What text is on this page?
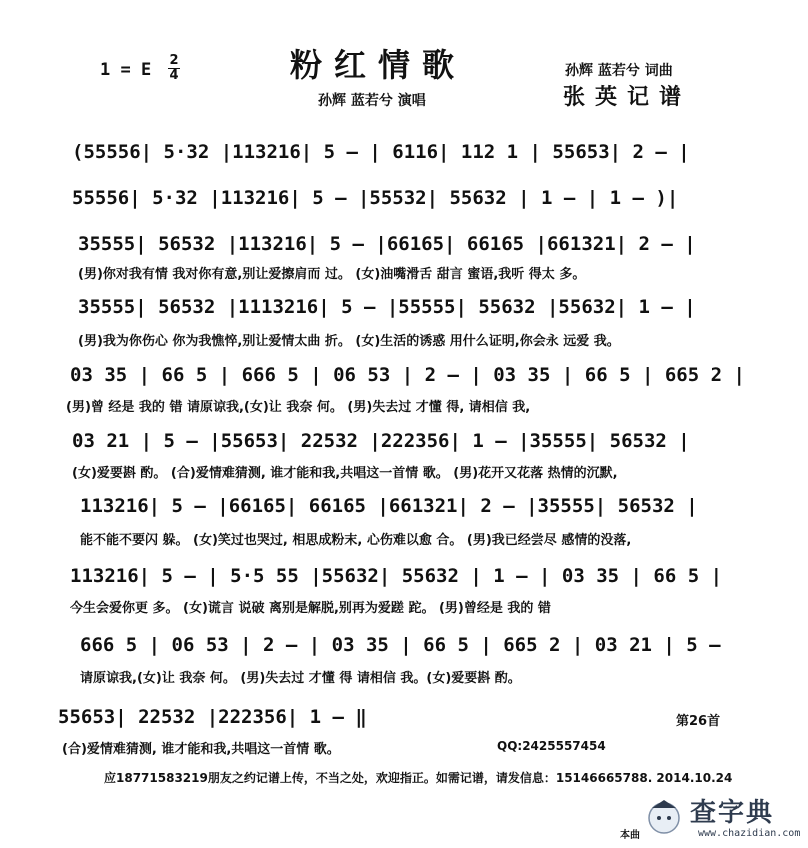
1 = E $\frac{2}{4}$	粉红情歌
孙辉 蓝若兮 演唱
孙辉 蓝若兮 词曲
张英记谱
(55556| 5·32 |113216| 5 – | 6116| 112 1 | 55653| 2 – |
55556| 5·32 |113216| 5 – |55532| 55632 | 1 – | 1 – )|
35555| 56532 |113216| 5 – |66165| 66165 |661321| 2 – |
(男)你对我有情 我对你有意,别让爱擦肩而 过。 (女)油嘴滑舌 甜言 蜜语,我听 得太 多。
35555| 56532 |1113216| 5 – |55555| 55632 |55632| 1 – |
(男)我为你伤心 你为我憔悴,别让爱情太曲 折。 (女)生活的诱惑 用什么证明,你会永 远爱 我。
03 35 | 66 5 | 666 5 | 06 53 | 2 – | 03 35 | 66 5 | 665 2 |
(男)曾 经是 我的 错 请原谅我,(女)让 我奈 何。 (男)失去过 才懂 得, 请相信 我,
03 21 | 5 – |55653| 22532 |222356| 1 – |35555| 56532 |
(女)爱要斟 酌。 (合)爱情难猜测, 谁才能和我,共唱这一首情 歌。 (男)花开又花落 热情的沉默,
113216| 5 – |66165| 66165 |661321| 2 – |35555| 56532 |
能不能不要闪 躲。 (女)笑过也哭过, 相思成粉末, 心伤难以愈 合。 (男)我已经尝尽 感情的没落,
113216| 5 – | 5·5 55 |55632| 55632 | 1 – | 03 35 | 66 5 |
今生会爱你更 多。 (女)谎言 说破 离别是解脱,别再为爱蹉 跎。 (男)曾经是 我的 错
666 5 | 06 53 | 2 – | 03 35 | 66 5 | 665 2 | 03 21 | 5 –
请原谅我,(女)让 我奈 何。 (男)失去过 才懂 得 请相信 我。(女)爱要斟 酌。
55653| 22532 |222356| 1 – ‖
(合)爱情难猜测, 谁才能和我,共唱这一首情 歌。
第26首
QQ:2425557454
应18771583219朋友之约记谱上传，不当之处，欢迎指正。如需记谱，请发信息：15146665788. 2014.10.24
本曲
查字典
www.chazidian.com
